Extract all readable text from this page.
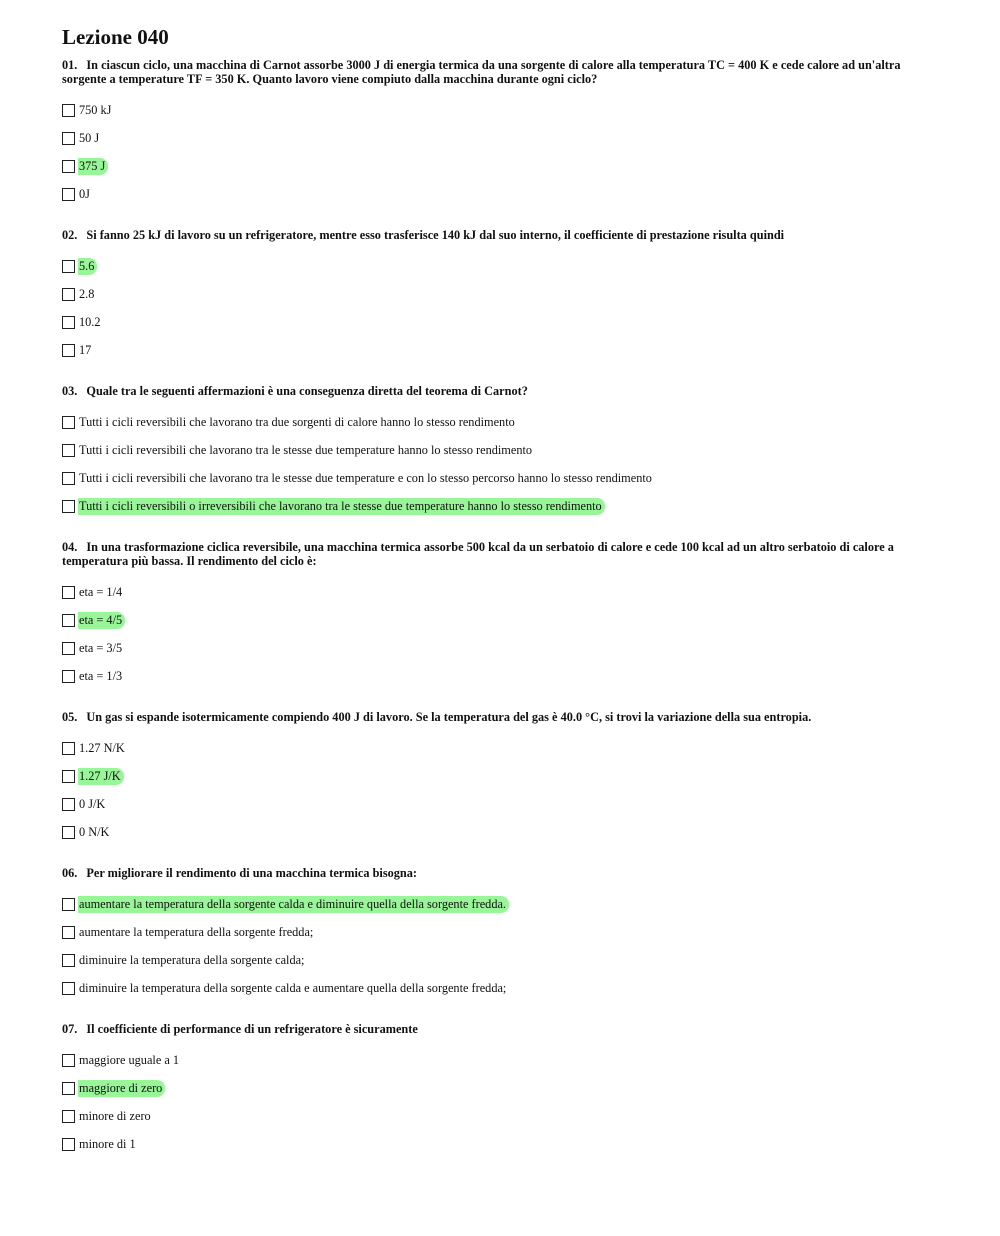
Lezione 040
01. In ciascun ciclo, una macchina di Carnot assorbe 3000 J di energia termica da una sorgente di calore alla temperatura TC = 400 K e cede calore ad un'altra sorgente a temperature TF = 350 K. Quanto lavoro viene compiuto dalla macchina durante ogni ciclo?
750 kJ
50 J
375 J
0J
02. Si fanno 25 kJ di lavoro su un refrigeratore, mentre esso trasferisce 140 kJ dal suo interno, il coefficiente di prestazione risulta quindi
5.6
2.8
10.2
17
03. Quale tra le seguenti affermazioni è una conseguenza diretta del teorema di Carnot?
Tutti i cicli reversibili che lavorano tra due sorgenti di calore hanno lo stesso rendimento
Tutti i cicli reversibili che lavorano tra le stesse due temperature hanno lo stesso rendimento
Tutti i cicli reversibili che lavorano tra le stesse due temperature e con lo stesso percorso hanno lo stesso rendimento
Tutti i cicli reversibili o irreversibili che lavorano tra le stesse due temperature hanno lo stesso rendimento
04. In una trasformazione ciclica reversibile, una macchina termica assorbe 500 kcal da un serbatoio di calore e cede 100 kcal ad un altro serbatoio di calore a temperatura più bassa. Il rendimento del ciclo è:
eta = 1/4
eta = 4/5
eta = 3/5
eta = 1/3
05. Un gas si espande isotermicamente compiendo 400 J di lavoro. Se la temperatura del gas è 40.0 °C, si trovi la variazione della sua entropia.
1.27 N/K
1.27 J/K
0 J/K
0 N/K
06. Per migliorare il rendimento di una macchina termica bisogna:
aumentare la temperatura della sorgente calda e diminuire quella della sorgente fredda.
aumentare la temperatura della sorgente fredda;
diminuire la temperatura della sorgente calda;
diminuire la temperatura della sorgente calda e aumentare quella della sorgente fredda;
07. Il coefficiente di performance di un refrigeratore è sicuramente
maggiore uguale a 1
maggiore di zero
minore di zero
minore di 1
